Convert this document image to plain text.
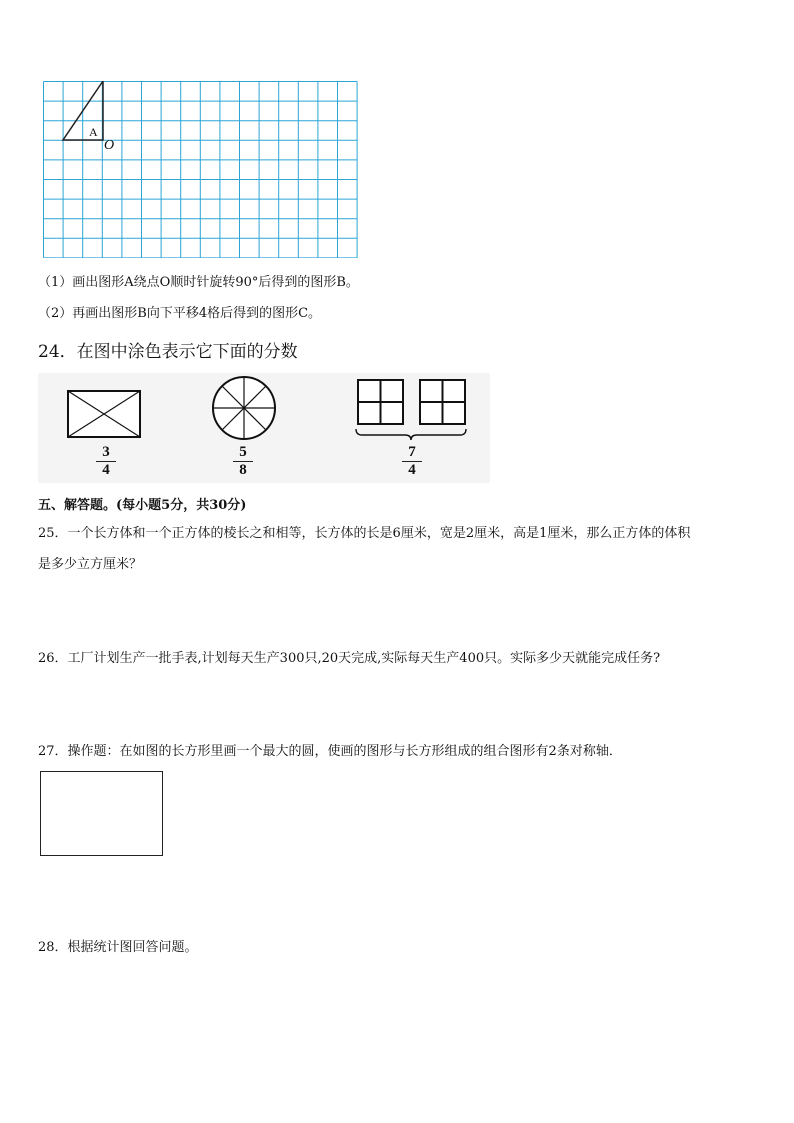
A
O
（1）画出图形A绕点O顺时针旋转90°后得到的图形B。
（2）再画出图形B向下平移4格后得到的图形C。
24．在图中涂色表示它下面的分数
$\frac{3}{4}$	$\frac{5}{8}$	$\frac{7}{4}$
五、解答题。(每小题5分，共30分)
25．一个长方体和一个正方体的棱长之和相等，长方体的长是6厘米，宽是2厘米，高是1厘米，那么正方体的体积
是多少立方厘米？
26．工厂计划生产一批手表,计划每天生产300只,20天完成,实际每天生产400只。实际多少天就能完成任务?
27．操作题：在如图的长方形里画一个最大的圆，使画的图形与长方形组成的组合图形有2条对称轴．
28．根据统计图回答问题。
